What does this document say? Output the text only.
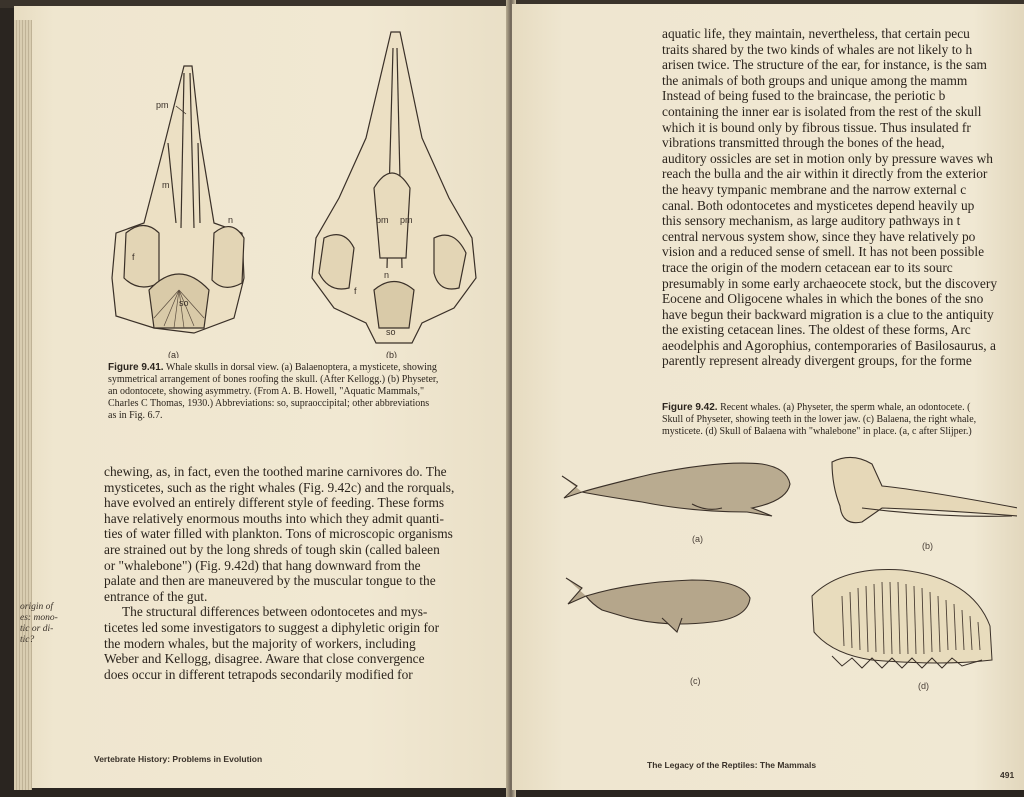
pm
m
n
f
so
(a)
pm pm
n
f
so
(b)
Figure 9.41. Whale skulls in dorsal view. (a) Balaenoptera, a mysticete, showing
symmetrical arrangement of bones roofing the skull. (After Kellogg.) (b) Physeter,
an odontocete, showing asymmetry. (From A. B. Howell, "Aquatic Mammals,"
Charles C Thomas, 1930.) Abbreviations: so, supraoccipital; other abbreviations
as in Fig. 6.7.

chewing, as, in fact, even the toothed marine carnivores do. The

mysticetes, such as the right whales (Fig. 9.42c) and the rorquals,

have evolved an entirely different style of feeding. These forms

have relatively enormous mouths into which they admit quanti-

ties of water filled with plankton. Tons of microscopic organisms

are strained out by the long shreds of tough skin (called baleen

or "whalebone") (Fig. 9.42d) that hang downward from the

palate and then are maneuvered by the muscular tongue to the

entrance of the gut.

The structural differences between odontocetes and mys-

ticetes led some investigators to suggest a diphyletic origin for

the modern whales, but the majority of workers, including

Weber and Kellogg, disagree. Aware that close convergence

does occur in different tetrapods secondarily modified for

origin of
es: mono-
tic or di-
tic?
Vertebrate History: Problems in Evolution

aquatic life, they maintain, nevertheless, that certain pecu

traits shared by the two kinds of whales are not likely to h

arisen twice. The structure of the ear, for instance, is the sam

the animals of both groups and unique among the mamm

Instead of being fused to the braincase, the periotic b

containing the inner ear is isolated from the rest of the skull

which it is bound only by fibrous tissue. Thus insulated fr

vibrations transmitted through the bones of the head,

auditory ossicles are set in motion only by pressure waves wh

reach the bulla and the air within it directly from the exterior

the heavy tympanic membrane and the narrow external c

canal. Both odontocetes and mysticetes depend heavily up

this sensory mechanism, as large auditory pathways in t

central nervous system show, since they have relatively po

vision and a reduced sense of smell. It has not been possible

trace the origin of the modern cetacean ear to its sourc

presumably in some early archaeocete stock, but the discovery

Eocene and Oligocene whales in which the bones of the sno

have begun their backward migration is a clue to the antiquity

the existing cetacean lines. The oldest of these forms, Arc

aeodelphis and Agorophius, contemporaries of Basilosaurus, a

parently represent already divergent groups, for the forme

Figure 9.42. Recent whales. (a) Physeter, the sperm whale, an odontocete. (
Skull of Physeter, showing teeth in the lower jaw. (c) Balaena, the right whale,
mysticete. (d) Skull of Balaena with "whalebone" in place. (a, c after Slijper.)
(a)
(b)
(c)	(d)
The Legacy of the Reptiles: The Mammals
491
